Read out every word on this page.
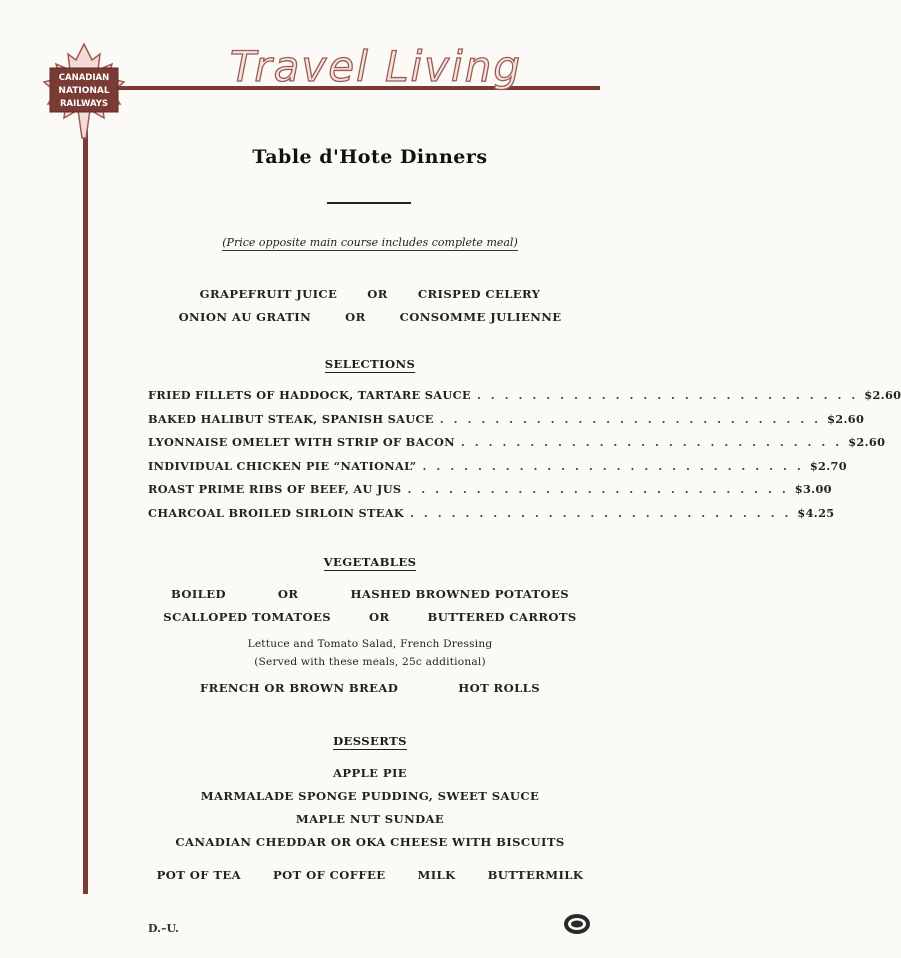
CANADIAN
NATIONAL
RAILWAYS
Travel Living
Table d'Hote Dinners
(Price opposite main course includes complete meal)
GRAPEFRUIT JUICE	OR	CRISPED CELERY
ONION AU GRATIN	OR	CONSOMME JULIENNE
SELECTIONS
FRIED FILLETS OF HADDOCK, TARTARE SAUCE . . . . . . . . . . . . . . . . . . . . . . . . . . . . $2.60
BAKED HALIBUT STEAK, SPANISH SAUCE . . . . . . . . . . . . . . . . . . . . . . . . . . . . $2.60
LYONNAISE OMELET WITH STRIP OF BACON . . . . . . . . . . . . . . . . . . . . . . . . . . . . $2.60
INDIVIDUAL CHICKEN PIE “NATIONAL” . . . . . . . . . . . . . . . . . . . . . . . . . . . . $2.70
ROAST PRIME RIBS OF BEEF, AU JUS . . . . . . . . . . . . . . . . . . . . . . . . . . . . $3.00
CHARCOAL BROILED SIRLOIN STEAK . . . . . . . . . . . . . . . . . . . . . . . . . . . . $4.25
VEGETABLES
BOILED	OR	HASHED BROWNED POTATOES
SCALLOPED TOMATOES	OR	BUTTERED CARROTS
Lettuce and Tomato Salad, French Dressing
(Served with these meals, 25c additional)
FRENCH OR BROWN BREAD	HOT ROLLS
DESSERTS
APPLE PIE
MARMALADE SPONGE PUDDING, SWEET SAUCE
MAPLE NUT SUNDAE
CANADIAN CHEDDAR OR OKA CHEESE WITH BISCUITS
POT OF TEA	POT OF COFFEE	MILK	BUTTERMILK
D.–U.
